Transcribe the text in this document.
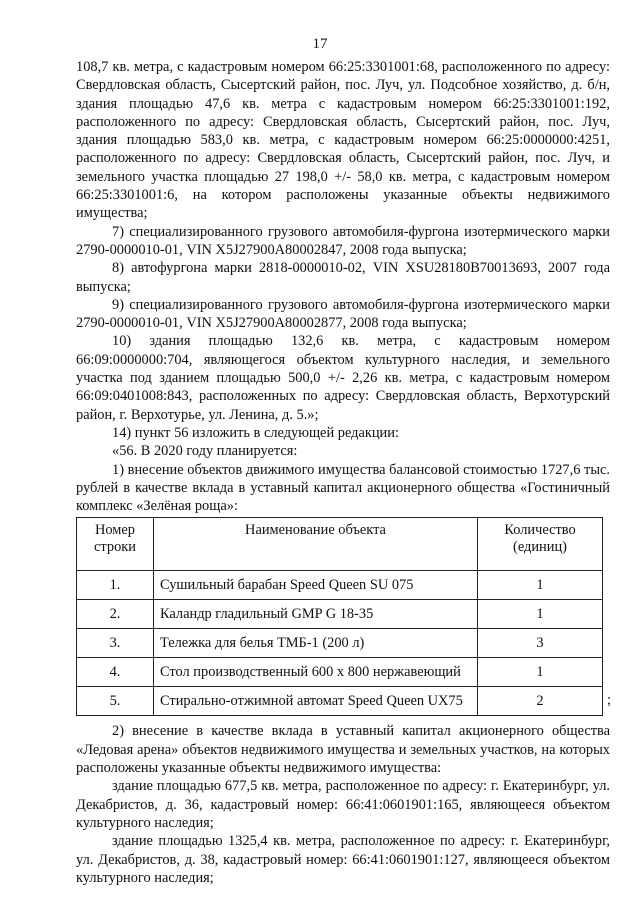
17

108,7 кв. метра, с кадастровым номером 66:25:3301001:68, расположенного по адресу: Свердловская область, Сысертский район, пос. Луч, ул. Подсобное хозяйство, д. б/н, здания площадью 47,6 кв. метра с кадастровым номером 66:25:3301001:192, расположенного по адресу: Свердловская область, Сысертский район, пос. Луч, здания площадью 583,0 кв. метра, с кадастровым номером 66:25:0000000:4251, расположенного по адресу: Свердловская область, Сысертский район, пос. Луч, и земельного участка площадью 27 198,0 +/- 58,0 кв. метра, с кадастровым номером 66:25:3301001:6, на котором расположены указанные объекты недвижимого имущества;

7) специализированного грузового автомобиля-фургона изотермического марки 2790-0000010-01, VIN X5J27900A80002847, 2008 года выпуска;

8) автофургона марки 2818-0000010-02, VIN XSU28180B70013693, 2007 года выпуска;

9) специализированного грузового автомобиля-фургона изотермического марки 2790-0000010-01, VIN X5J27900A80002877, 2008 года выпуска;

10) здания площадью 132,6 кв. метра, с кадастровым номером 66:09:0000000:704, являющегося объектом культурного наследия, и земельного участка под зданием площадью 500,0 +/- 2,26 кв. метра, с кадастровым номером 66:09:0401008:843, расположенных по адресу: Свердловская область, Верхотурский район, г. Верхотурье, ул. Ленина, д. 5.»;

14) пункт 56 изложить в следующей редакции:

«56. В 2020 году планируется:

1) внесение объектов движимого имущества балансовой стоимостью 1727,6 тыс. рублей в качестве вклада в уставный капитал акционерного общества «Гостиничный комплекс «Зелёная роща»:

Номер строки	Наименование объекта	Количество (единиц)
1.	Сушильный барабан Speed Queen SU 075	1
2.	Каландр гладильный GMP G 18-35	1
3.	Тележка для белья ТМБ-1 (200 л)	3
4.	Стол производственный 600 х 800 нержавеющий	1
5.	Стирально-отжимной автомат Speed Queen UX75	2	;

2) внесение в качестве вклада в уставный капитал акционерного общества «Ледовая арена» объектов недвижимого имущества и земельных участков, на которых расположены указанные объекты недвижимого имущества:

здание площадью 677,5 кв. метра, расположенное по адресу: г. Екатеринбург, ул. Декабристов, д. 36, кадастровый номер: 66:41:0601901:165, являющееся объектом культурного наследия;

здание площадью 1325,4 кв. метра, расположенное по адресу: г. Екатеринбург, ул. Декабристов, д. 38, кадастровый номер: 66:41:0601901:127, являющееся объектом культурного наследия;
